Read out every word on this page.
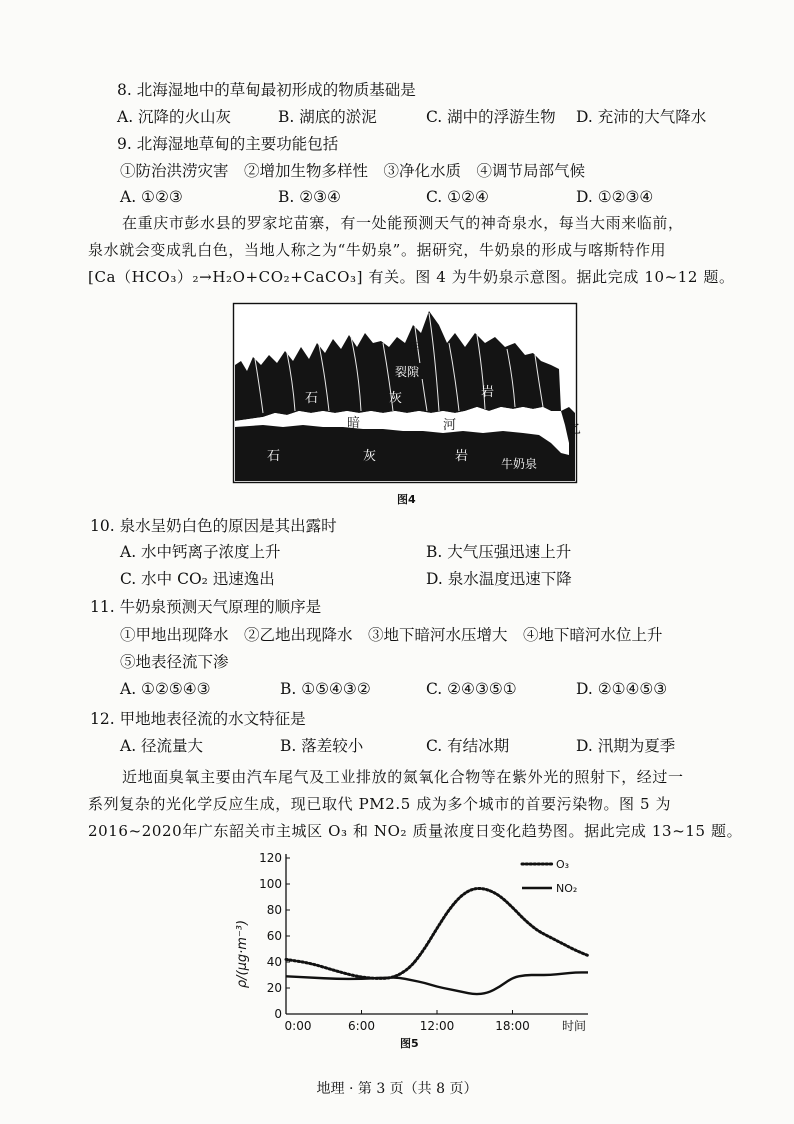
8. 北海湿地中的草甸最初形成的物质基础是
A. 沉降的火山灰	B. 湖底的淤泥	C. 湖中的浮游生物 D. 充沛的大气降水
9. 北海湿地草甸的主要功能包括
①防治洪涝灾害　②增加生物多样性　③净化水质　④调节局部气候
A. ①②③	B. ②③④	C. ①②④	D. ①②③④
在重庆市彭水县的罗家坨苗寨，有一处能预测天气的神奇泉水，每当大雨来临前，
泉水就会变成乳白色，当地人称之为“牛奶泉”。据研究，牛奶泉的形成与喀斯特作用
[Ca（HCO₃）₂→H₂O+CO₂+CaCO₃] 有关。图 4 为牛奶泉示意图。据此完成 10~12 题。
甲
乙
裂隙
石	灰	岩
暗	河
石	灰	岩	牛奶泉
图4
10. 泉水呈奶白色的原因是其出露时
A. 水中钙离子浓度上升	B. 大气压强迅速上升
C. 水中 CO₂ 迅速逸出	D. 泉水温度迅速下降
11. 牛奶泉预测天气原理的顺序是
①甲地出现降水　②乙地出现降水　③地下暗河水压增大　④地下暗河水位上升
⑤地表径流下渗
A. ①②⑤④③	B. ①⑤④③②	C. ②④③⑤①	D. ②①④⑤③
12. 甲地地表径流的水文特征是
A. 径流量大	B. 落差较小	C. 有结冰期	D. 汛期为夏季
近地面臭氧主要由汽车尾气及工业排放的氮氧化合物等在紫外光的照射下，经过一
系列复杂的光化学反应生成，现已取代 PM2.5 成为多个城市的首要污染物。图 5 为
2016~2020年广东韶关市主城区 O₃ 和 NO₂ 质量浓度日变化趋势图。据此完成 13~15 题。
ρ/(μg·m⁻³)
0
20
40
60
80
100
120
0:00	6:00	12:00	18:00
O₃
NO₂
时间
图5
地理 · 第 3 页（共 8 页）
